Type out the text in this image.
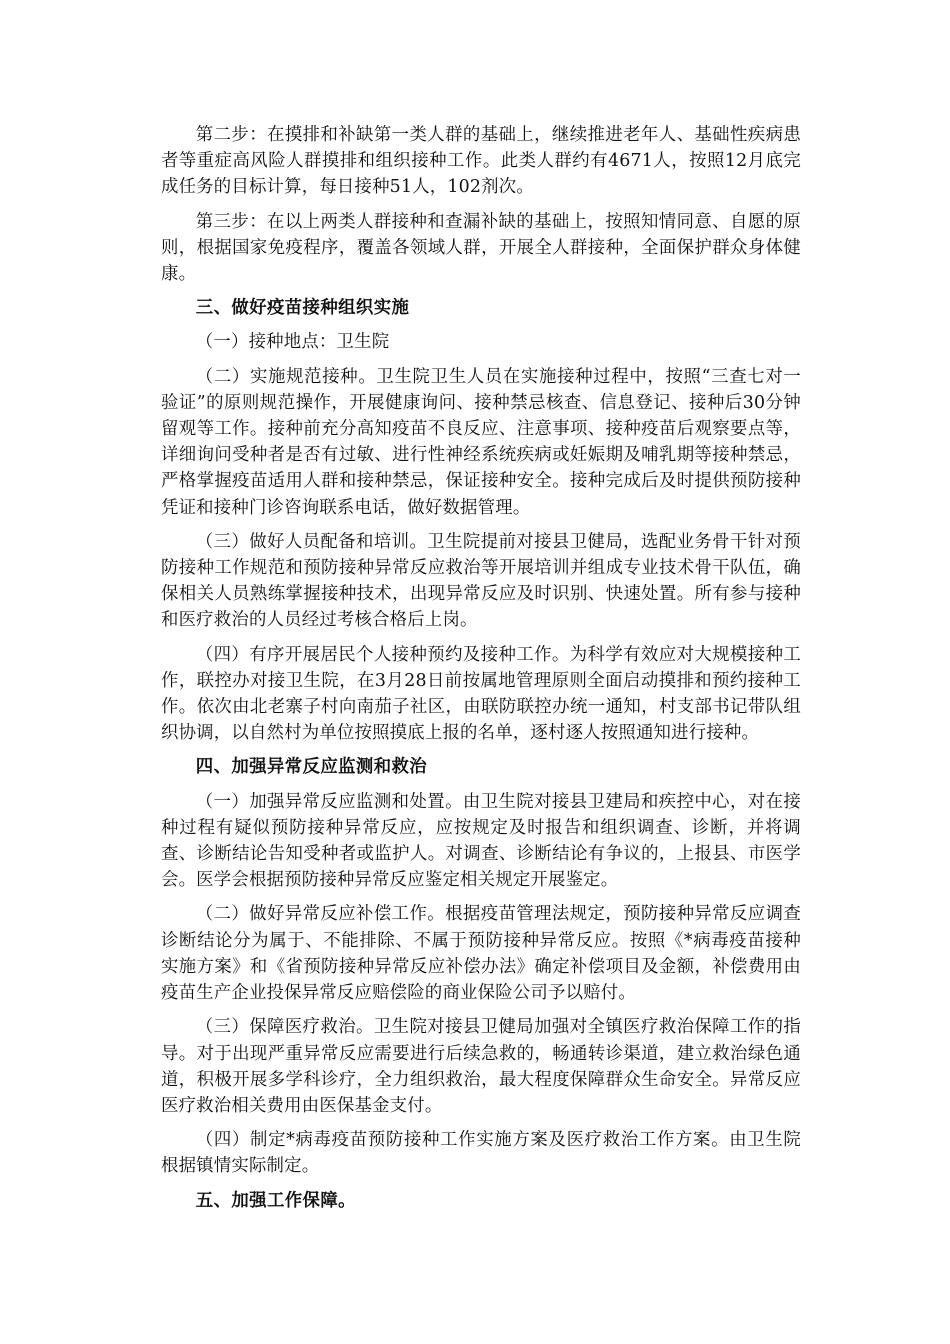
第二步：在摸排和补缺第一类人群的基础上，继续推进老年人、基础性疾病患者等重症高风险人群摸排和组织接种工作。此类人群约有4671人，按照12月底完成任务的目标计算，每日接种51人，102剂次。

第三步：在以上两类人群接种和查漏补缺的基础上，按照知情同意、自愿的原则，根据国家免疫程序，覆盖各领域人群，开展全人群接种，全面保护群众身体健康。

三、做好疫苗接种组织实施

（一）接种地点：卫生院

（二）实施规范接种。卫生院卫生人员在实施接种过程中，按照“三查七对一验证”的原则规范操作，开展健康询问、接种禁忌核查、信息登记、接种后30分钟留观等工作。接种前充分高知疫苗不良反应、注意事项、接种疫苗后观察要点等，详细询问受种者是否有过敏、进行性神经系统疾病或妊娠期及哺乳期等接种禁忌，严格掌握疫苗适用人群和接种禁忌，保证接种安全。接种完成后及时提供预防接种凭证和接种门诊咨询联系电话，做好数据管理。

（三）做好人员配备和培训。卫生院提前对接县卫健局，选配业务骨干针对预防接种工作规范和预防接种异常反应救治等开展培训并组成专业技术骨干队伍，确保相关人员熟练掌握接种技术，出现异常反应及时识别、快速处置。所有参与接种和医疗救治的人员经过考核合格后上岗。

（四）有序开展居民个人接种预约及接种工作。为科学有效应对大规模接种工作，联控办对接卫生院，在3月28日前按属地管理原则全面启动摸排和预约接种工作。依次由北老寨子村向南茄子社区，由联防联控办统一通知，村支部书记带队组织协调，以自然村为单位按照摸底上报的名单，逐村逐人按照通知进行接种。

四、加强异常反应监测和救治

（一）加强异常反应监测和处置。由卫生院对接县卫建局和疾控中心，对在接种过程有疑似预防接种异常反应，应按规定及时报告和组织调查、诊断，并将调查、诊断结论告知受种者或监护人。对调查、诊断结论有争议的，上报县、市医学会。医学会根据预防接种异常反应鉴定相关规定开展鉴定。

（二）做好异常反应补偿工作。根据疫苗管理法规定，预防接种异常反应调查诊断结论分为属于、不能排除、不属于预防接种异常反应。按照《*病毒疫苗接种实施方案》和《省预防接种异常反应补偿办法》确定补偿项目及金额，补偿费用由疫苗生产企业投保异常反应赔偿险的商业保险公司予以赔付。

（三）保障医疗救治。卫生院对接县卫健局加强对全镇医疗救治保障工作的指导。对于出现严重异常反应需要进行后续急救的，畅通转诊渠道，建立救治绿色通道，积极开展多学科诊疗，全力组织救治，最大程度保障群众生命安全。异常反应医疗救治相关费用由医保基金支付。

（四）制定*病毒疫苗预防接种工作实施方案及医疗救治工作方案。由卫生院根据镇情实际制定。

五、加强工作保障。
